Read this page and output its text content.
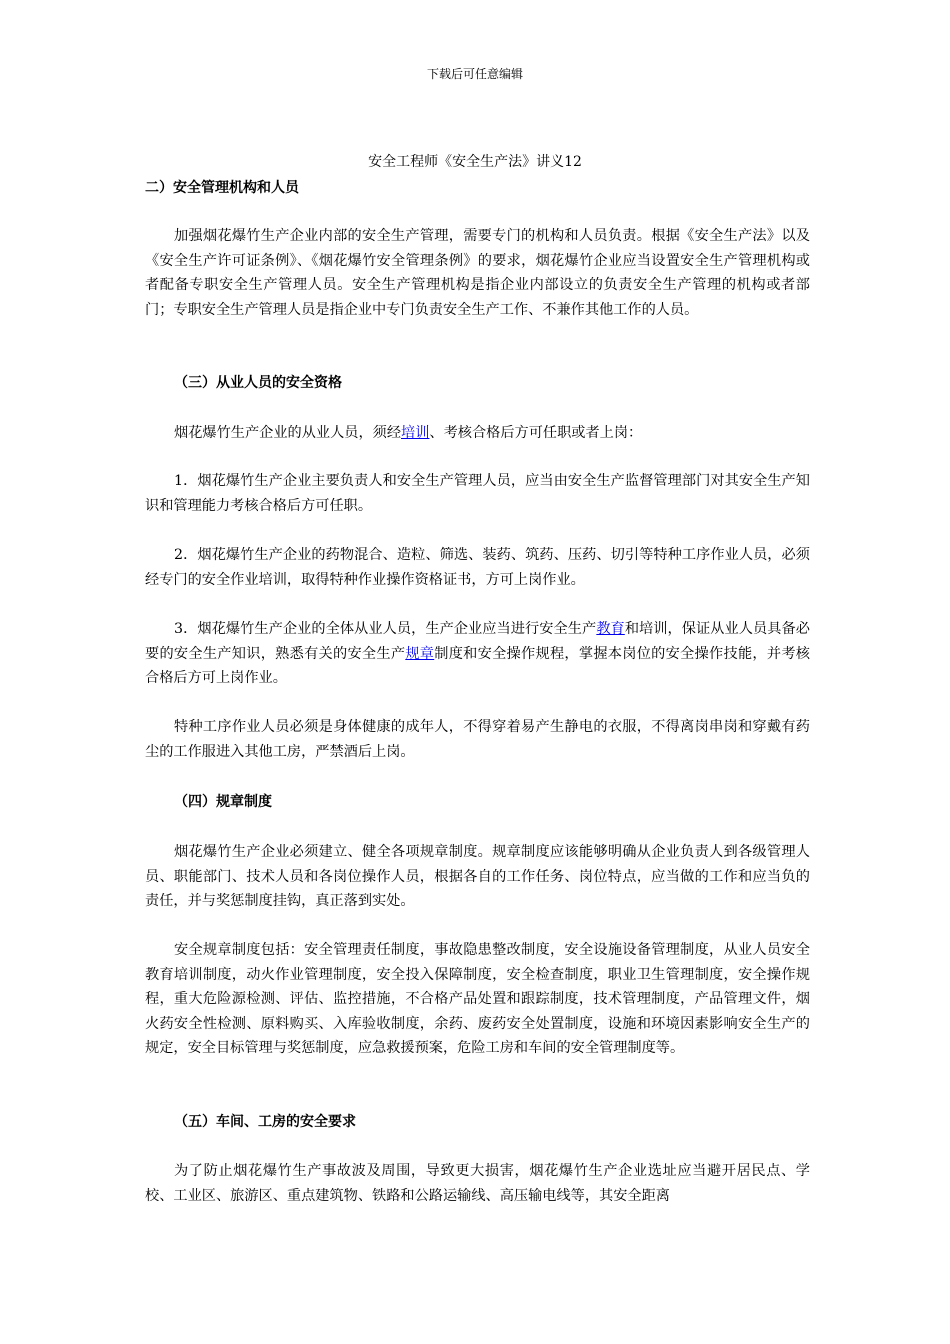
下载后可任意编辑
安全工程师《安全生产法》讲义12
二）安全管理机构和人员

加强烟花爆竹生产企业内部的安全生产管理，需要专门的机构和人员负责。根据《安全生产法》以及《安全生产许可证条例》、《烟花爆竹安全管理条例》的要求，烟花爆竹企业应当设置安全生产管理机构或者配备专职安全生产管理人员。安全生产管理机构是指企业内部设立的负责安全生产管理的机构或者部门；专职安全生产管理人员是指企业中专门负责安全生产工作、不兼作其他工作的人员。

（三）从业人员的安全资格

烟花爆竹生产企业的从业人员，须经培训、考核合格后方可任职或者上岗：

1．烟花爆竹生产企业主要负责人和安全生产管理人员，应当由安全生产监督管理部门对其安全生产知识和管理能力考核合格后方可任职。

2．烟花爆竹生产企业的药物混合、造粒、筛选、装药、筑药、压药、切引等特种工序作业人员，必须经专门的安全作业培训，取得特种作业操作资格证书，方可上岗作业。

3．烟花爆竹生产企业的全体从业人员，生产企业应当进行安全生产教育和培训，保证从业人员具备必要的安全生产知识，熟悉有关的安全生产规章制度和安全操作规程，掌握本岗位的安全操作技能，并考核合格后方可上岗作业。

特种工序作业人员必须是身体健康的成年人，不得穿着易产生静电的衣服，不得离岗串岗和穿戴有药尘的工作服进入其他工房，严禁酒后上岗。

（四）规章制度

烟花爆竹生产企业必须建立、健全各项规章制度。规章制度应该能够明确从企业负责人到各级管理人员、职能部门、技术人员和各岗位操作人员，根据各自的工作任务、岗位特点，应当做的工作和应当负的责任，并与奖惩制度挂钩，真正落到实处。

安全规章制度包括：安全管理责任制度，事故隐患整改制度，安全设施设备管理制度，从业人员安全教育培训制度，动火作业管理制度，安全投入保障制度，安全检查制度，职业卫生管理制度，安全操作规程，重大危险源检测、评估、监控措施，不合格产品处置和跟踪制度，技术管理制度，产品管理文件，烟火药安全性检测、原料购买、入库验收制度，余药、废药安全处置制度，设施和环境因素影响安全生产的规定，安全目标管理与奖惩制度，应急救援预案，危险工房和车间的安全管理制度等。

（五）车间、工房的安全要求

为了防止烟花爆竹生产事故波及周围，导致更大损害，烟花爆竹生产企业选址应当避开居民点、学校、工业区、旅游区、重点建筑物、铁路和公路运输线、高压输电线等，其安全距离
